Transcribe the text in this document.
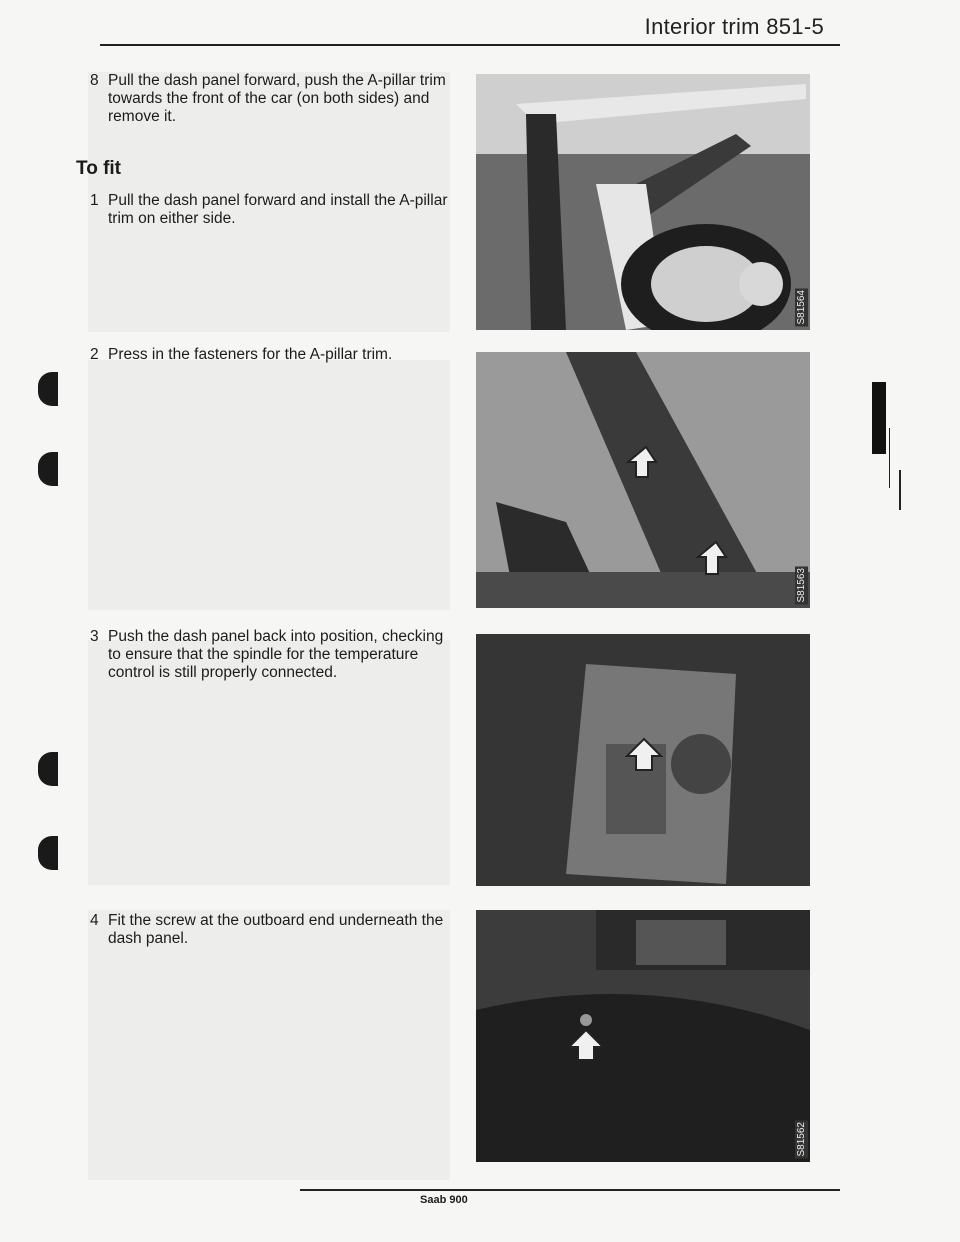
Interior trim 851-5
8 Pull the dash panel forward, push the A-pillar trim towards the front of the car (on both sides) and remove it.
To fit
1 Pull the dash panel forward and install the A-pillar trim on either side.
2 Press in the fasteners for the A-pillar trim.
3 Push the dash panel back into position, checking to ensure that the spindle for the temperature control is still properly connected.
4 Fit the screw at the outboard end underneath the dash panel.
S81564
S81563
S81562
Saab 900
